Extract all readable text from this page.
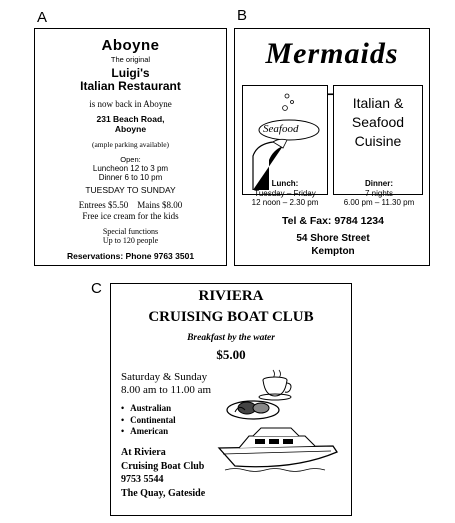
A	B
C
Aboyne
The original
Luigi's
Italian Restaurant
is now back in Aboyne
231 Beach Road,
Aboyne
(ample parking available)
Open:
Luncheon 12 to 3 pm
Dinner 6 to 10 pm
TUESDAY TO SUNDAY
Entrees $5.50    Mains $8.00
Free ice cream for the kids
Special functions
Up to 120 people
Reservations: Phone 9763 3501
Mermaids
Seafood
Italian &
Seafood
Cuisine
Lunch:
Tuesday – Friday
12 noon – 2.30 pm
Dinner:
7 nights
6.00 pm – 11.30 pm
Tel & Fax: 9784 1234
54 Shore Street
Kempton
RIVIERA
CRUISING BOAT CLUB
Breakfast by the water
$5.00
Saturday & Sunday
8.00 am to 11.00 am
• Australian
• Continental
• American
At Riviera
Cruising Boat Club
9753 5544
The Quay, Gateside
